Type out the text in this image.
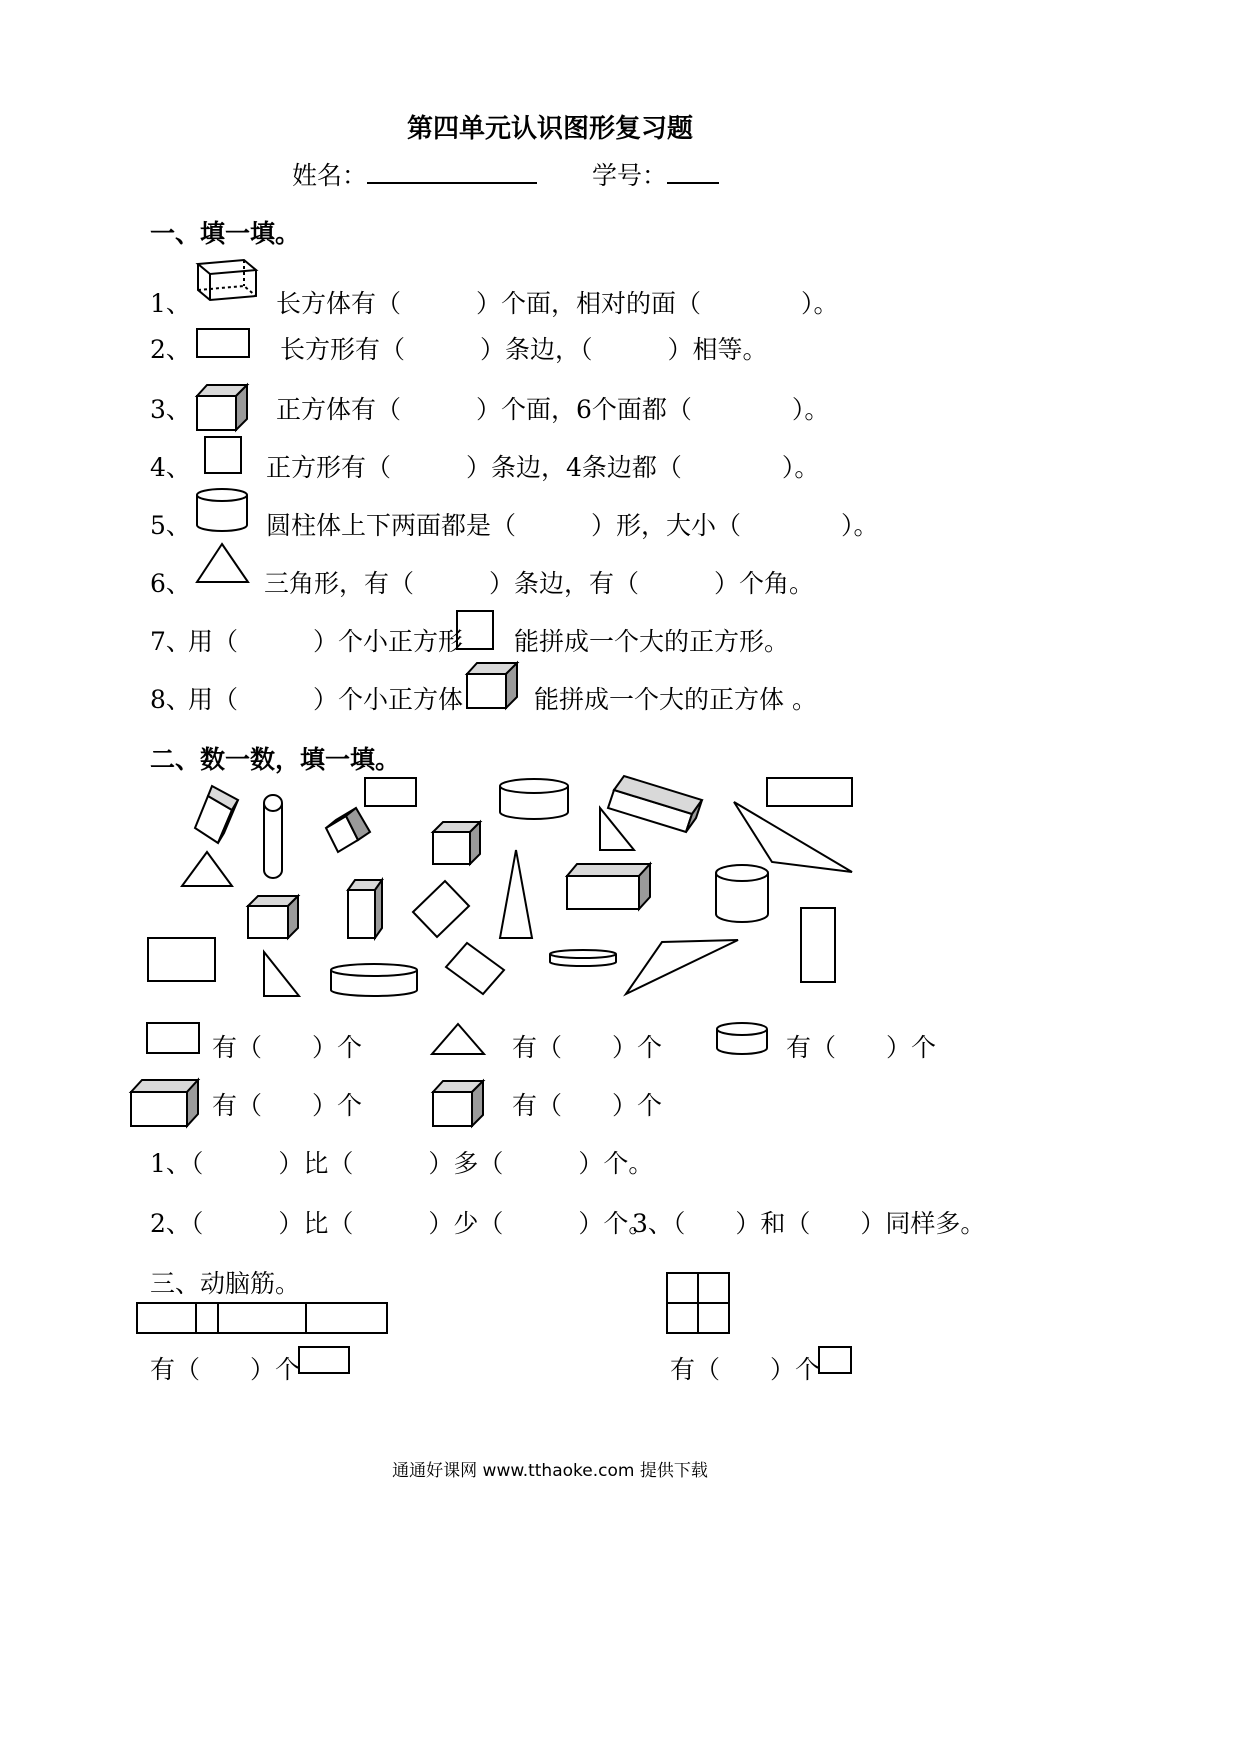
第四单元认识图形复习题
姓名：	学号：
一、填一填。
1、	长方体有（　　　）个面，相对的面（　　　　）。
2、	长方形有（　　　）条边，（　　　）相等。
3、	正方体有（　　　）个面，6个面都（　　　　）。
4、	正方形有（　　　）条边，4条边都（　　　　）。
5、	圆柱体上下两面都是（　　　）形，大小（　　　　）。
6、	三角形，有（　　　）条边，有（　　　）个角。
7、
用（　　　）个小正方形 能拼成一个大的正方形。
8、
用（　　　）个小正方体	能拼成一个大的正方体 。
二、数一数，填一填。
有（　　）个	有（　　）个	有（　　）个
有（　　）个	有（　　）个
1、（　　　）比（　　　）多（　　　）个。
2、（　　　）比（　　　）少（　　　）个。
3、（　　）和（　　）同样多。
三、动脑筋。
有（　　）个	有（　　）个
通通好课网 www.tthaoke.com 提供下载
